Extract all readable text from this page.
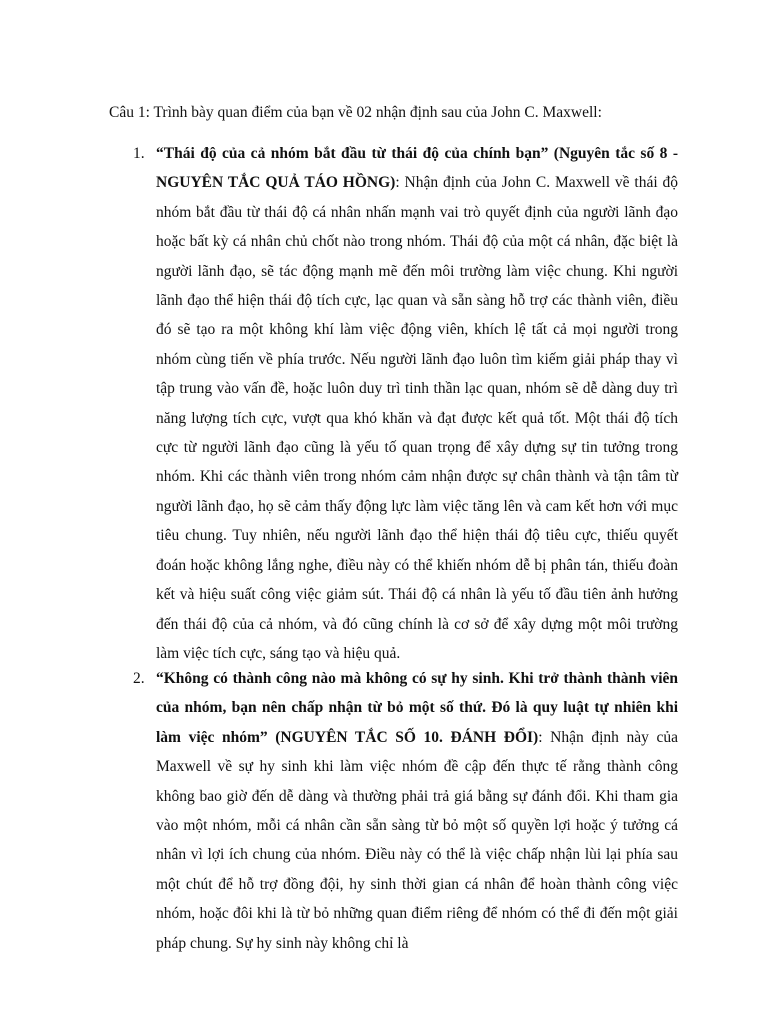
Câu 1: Trình bày quan điểm của bạn về 02 nhận định sau của John C. Maxwell:

1. “Thái độ của cả nhóm bắt đầu từ thái độ của chính bạn” (Nguyên tắc số 8 - NGUYÊN TẮC QUẢ TÁO HỒNG): Nhận định của John C. Maxwell về thái độ nhóm bắt đầu từ thái độ cá nhân nhấn mạnh vai trò quyết định của người lãnh đạo hoặc bất kỳ cá nhân chủ chốt nào trong nhóm. Thái độ của một cá nhân, đặc biệt là người lãnh đạo, sẽ tác động mạnh mẽ đến môi trường làm việc chung. Khi người lãnh đạo thể hiện thái độ tích cực, lạc quan và sẵn sàng hỗ trợ các thành viên, điều đó sẽ tạo ra một không khí làm việc động viên, khích lệ tất cả mọi người trong nhóm cùng tiến về phía trước. Nếu người lãnh đạo luôn tìm kiếm giải pháp thay vì tập trung vào vấn đề, hoặc luôn duy trì tinh thần lạc quan, nhóm sẽ dễ dàng duy trì năng lượng tích cực, vượt qua khó khăn và đạt được kết quả tốt. Một thái độ tích cực từ người lãnh đạo cũng là yếu tố quan trọng để xây dựng sự tin tưởng trong nhóm. Khi các thành viên trong nhóm cảm nhận được sự chân thành và tận tâm từ người lãnh đạo, họ sẽ cảm thấy động lực làm việc tăng lên và cam kết hơn với mục tiêu chung. Tuy nhiên, nếu người lãnh đạo thể hiện thái độ tiêu cực, thiếu quyết đoán hoặc không lắng nghe, điều này có thể khiến nhóm dễ bị phân tán, thiếu đoàn kết và hiệu suất công việc giảm sút. Thái độ cá nhân là yếu tố đầu tiên ảnh hưởng đến thái độ của cả nhóm, và đó cũng chính là cơ sở để xây dựng một môi trường làm việc tích cực, sáng tạo và hiệu quả.

2. “Không có thành công nào mà không có sự hy sinh. Khi trở thành thành viên của nhóm, bạn nên chấp nhận từ bỏ một số thứ. Đó là quy luật tự nhiên khi làm việc nhóm” (NGUYÊN TẮC SỐ 10. ĐÁNH ĐỔI): Nhận định này của Maxwell về sự hy sinh khi làm việc nhóm đề cập đến thực tế rằng thành công không bao giờ đến dễ dàng và thường phải trả giá bằng sự đánh đổi. Khi tham gia vào một nhóm, mỗi cá nhân cần sẵn sàng từ bỏ một số quyền lợi hoặc ý tưởng cá nhân vì lợi ích chung của nhóm. Điều này có thể là việc chấp nhận lùi lại phía sau một chút để hỗ trợ đồng đội, hy sinh thời gian cá nhân để hoàn thành công việc nhóm, hoặc đôi khi là từ bỏ những quan điểm riêng để nhóm có thể đi đến một giải pháp chung. Sự hy sinh này không chỉ là
